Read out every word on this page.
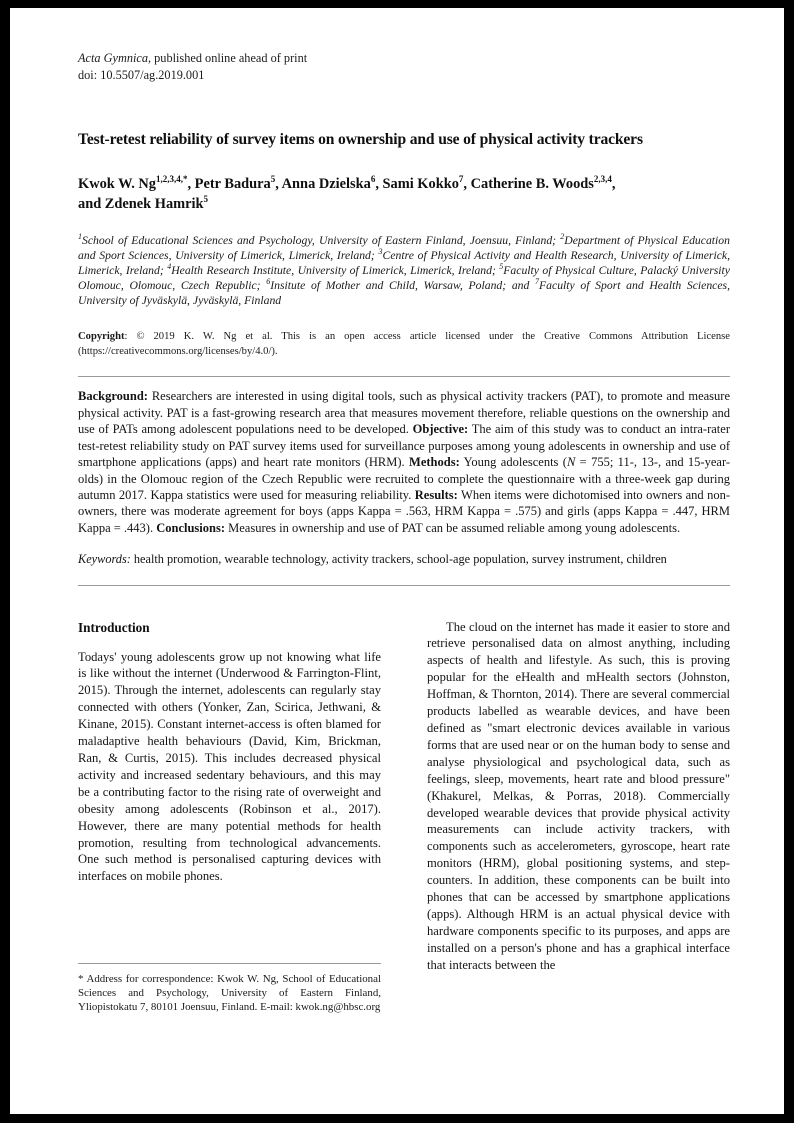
Acta Gymnica, published online ahead of print
doi: 10.5507/ag.2019.001
Test-retest reliability of survey items on ownership and use of physical activity trackers
Kwok W. $Ng^{1,2,3,4,*}$, Petr Badura$^5$, Anna Dzielska$^6$, Sami Kokko$^7$, Catherine B. Woods$^{2,3,4}$,
and Zdenek Hamrik$^5$
$^1$School of Educational Sciences and Psychology, University of Eastern Finland, Joensuu, Finland; $^2$Department of Physical Education and Sport Sciences, University of Limerick, Limerick, Ireland; $^3$Centre of Physical Activity and Health Research, University of Limerick, Limerick, Ireland; $^4$Health Research Institute, University of Limerick, Limerick, Ireland; $^5$Faculty of Physical Culture, Palacký University Olomouc, Olomouc, Czech Republic; $^6$Insitute of Mother and Child, Warsaw, Poland; and $^7$Faculty of Sport and Health Sciences, University of Jyväskylä, Jyväskylä, Finland
Copyright: © 2019 K. W. Ng et al. This is an open access article licensed under the Creative Commons Attribution License (https://creativecommons.org/licenses/by/4.0/).
Background: Researchers are interested in using digital tools, such as physical activity trackers (PAT), to promote and measure physical activity. PAT is a fast-growing research area that measures movement therefore, reliable questions on the ownership and use of PATs among adolescent populations need to be developed. Objective: The aim of this study was to conduct an intra-rater test-retest reliability study on PAT survey items used for surveillance purposes among young adolescents in ownership and use of smartphone applications (apps) and heart rate monitors (HRM). Methods: Young adolescents (N = 755; 11-, 13-, and 15-year-olds) in the Olomouc region of the Czech Republic were recruited to complete the questionnaire with a three-week gap during autumn 2017. Kappa statistics were used for measuring reliability. Results: When items were dichotomised into owners and non-owners, there was moderate agreement for boys (apps Kappa = .563, HRM Kappa = .575) and girls (apps Kappa = .447, HRM Kappa = .443). Conclusions: Measures in ownership and use of PAT can be assumed reliable among young adolescents.
Keywords: health promotion, wearable technology, activity trackers, school-age population, survey instrument, children
Introduction

Todays' young adolescents grow up not knowing what life is like without the internet (Underwood & Farrington-Flint, 2015). Through the internet, adolescents can regularly stay connected with others (Yonker, Zan, Scirica, Jethwani, & Kinane, 2015). Constant internet-access is often blamed for maladaptive health behaviours (David, Kim, Brickman, Ran, & Curtis, 2015). This includes decreased physical activity and increased sedentary behaviours, and this may be a contributing factor to the rising rate of overweight and obesity among adolescents (Robinson et al., 2017). However, there are many potential methods for health promotion, resulting from technological advancements. One such method is personalised capturing devices with interfaces on mobile phones.

* Address for correspondence: Kwok W. Ng, School of Educational Sciences and Psychology, University of Eastern Finland, Yliopistokatu 7, 80101 Joensuu, Finland. E-mail: kwok.ng@hbsc.org

The cloud on the internet has made it easier to store and retrieve personalised data on almost anything, including aspects of health and lifestyle. As such, this is proving popular for the eHealth and mHealth sectors (Johnston, Hoffman, & Thornton, 2014). There are several commercial products labelled as wearable devices, and have been defined as "smart electronic devices available in various forms that are used near or on the human body to sense and analyse physiological and psychological data, such as feelings, sleep, movements, heart rate and blood pressure" (Khakurel, Melkas, & Porras, 2018). Commercially developed wearable devices that provide physical activity measurements can include activity trackers, with components such as accelerometers, gyroscope, heart rate monitors (HRM), global positioning systems, and step-counters. In addition, these components can be built into phones that can be accessed by smartphone applications (apps). Although HRM is an actual physical device with hardware components specific to its purposes, and apps are installed on a person's phone and has a graphical interface that interacts between the
